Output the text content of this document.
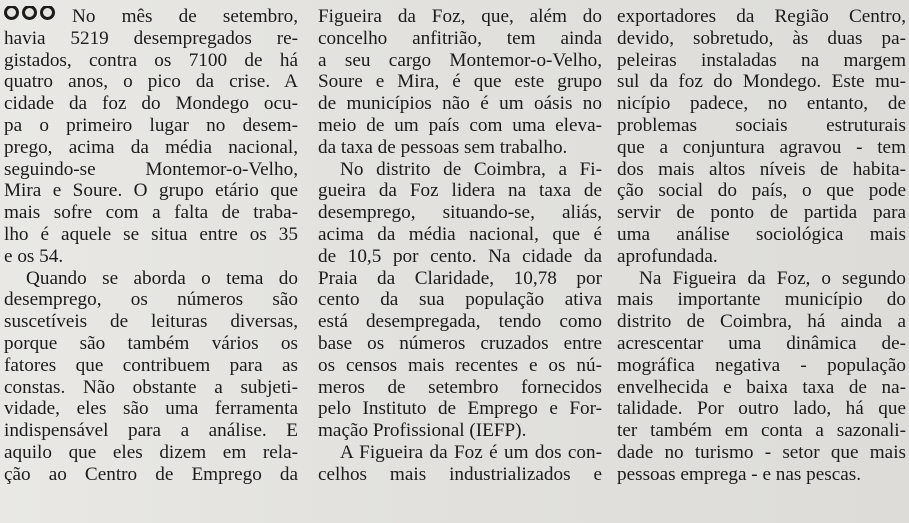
No mês de setembro,
havia 5219 desempregados re-
gistados, contra os 7100 de há
quatro anos, o pico da crise. A
cidade da foz do Mondego ocu-
pa o primeiro lugar no desem-
prego, acima da média nacional,
seguindo-se Montemor-o-Velho,
Mira e Soure. O grupo etário que
mais sofre com a falta de traba-
lho é aquele se situa entre os 35
e os 54.
Quando se aborda o tema do
desemprego, os números são
suscetíveis de leituras diversas,
porque são também vários os
fatores que contribuem para as
constas. Não obstante a subjeti-
vidade, eles são uma ferramenta
indispensável para a análise. E
aquilo que eles dizem em rela-
ção ao Centro de Emprego da
Figueira da Foz, que, além do
concelho anfitrião, tem ainda
a seu cargo Montemor-o-Velho,
Soure e Mira, é que este grupo
de municípios não é um oásis no
meio de um país com uma eleva-
da taxa de pessoas sem trabalho.
No distrito de Coimbra, a Fi-
gueira da Foz lidera na taxa de
desemprego, situando-se, aliás,
acima da média nacional, que é
de 10,5 por cento. Na cidade da
Praia da Claridade, 10,78 por
cento da sua população ativa
está desempregada, tendo como
base os números cruzados entre
os censos mais recentes e os nú-
meros de setembro fornecidos
pelo Instituto de Emprego e For-
mação Profissional (IEFP).
A Figueira da Foz é um dos con-
celhos mais industrializados e
exportadores da Região Centro,
devido, sobretudo, às duas pa-
peleiras instaladas na margem
sul da foz do Mondego. Este mu-
nicípio padece, no entanto, de
problemas sociais estruturais
que a conjuntura agravou - tem
dos mais altos níveis de habita-
ção social do país, o que pode
servir de ponto de partida para
uma análise sociológica mais
aprofundada.
Na Figueira da Foz, o segundo
mais importante município do
distrito de Coimbra, há ainda a
acrescentar uma dinâmica de-
mográfica negativa - população
envelhecida e baixa taxa de na-
talidade. Por outro lado, há que
ter também em conta a sazonali-
dade no turismo - setor que mais
pessoas emprega - e nas pescas.
